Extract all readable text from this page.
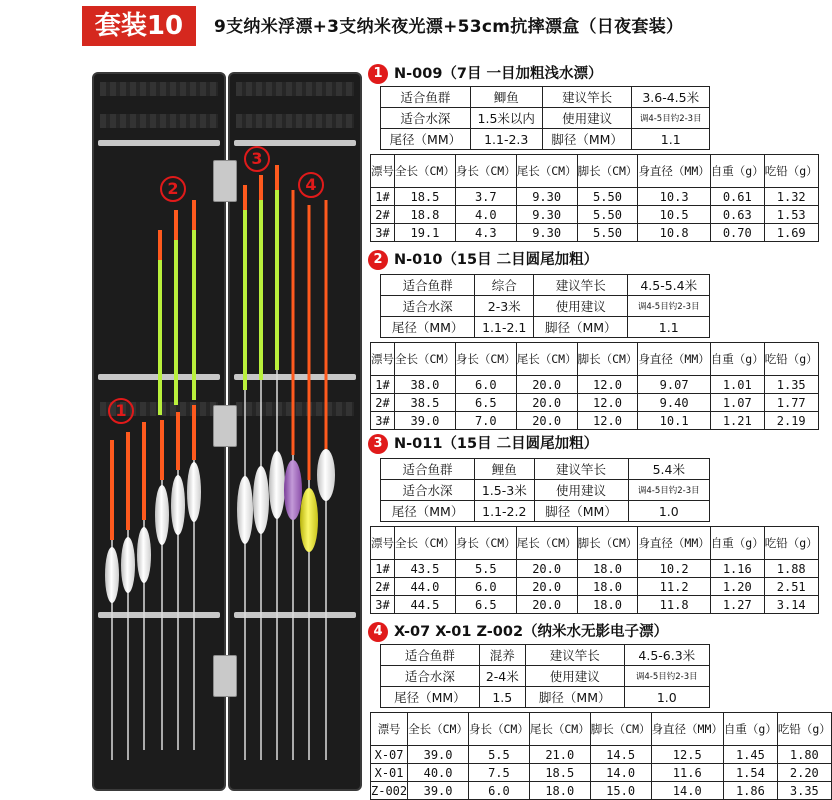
套装10	9支纳米浮漂+3支纳米夜光漂+53cm抗摔漂盒（日夜套装）
1
2
3
4
1 N-009（7目 一目加粗浅水漂）
适合鱼群	鲫鱼	建议竿长	3.6-4.5米
适合水深	1.5米以内	使用建议	调4-5目钓2-3目
尾径（MM）	1.1-2.3	脚径（MM）	1.1
漂号	全长（CM）	身长（CM）	尾长（CM）	脚长（CM）	身直径（MM）	自重（g）	吃铅（g）
1#	18.5	3.7	9.30	5.50	10.3	0.61	1.32
2#	18.8	4.0	9.30	5.50	10.5	0.63	1.53
3#	19.1	4.3	9.30	5.50	10.8	0.70	1.69
2 N-010（15目 二目圆尾加粗）
适合鱼群	综合	建议竿长	4.5-5.4米
适合水深	2-3米	使用建议	调4-5目钓2-3目
尾径（MM）	1.1-2.1	脚径（MM）	1.1
漂号	全长（CM）	身长（CM）	尾长（CM）	脚长（CM）	身直径（MM）	自重（g）	吃铅（g）
1#	38.0	6.0	20.0	12.0	9.07	1.01	1.35
2#	38.5	6.5	20.0	12.0	9.40	1.07	1.77
3#	39.0	7.0	20.0	12.0	10.1	1.21	2.19
3 N-011（15目 二目圆尾加粗）
适合鱼群	鲤鱼	建议竿长	5.4米
适合水深	1.5-3米	使用建议	调4-5目钓2-3目
尾径（MM）	1.1-2.2	脚径（MM）	1.0
漂号	全长（CM）	身长（CM）	尾长（CM）	脚长（CM）	身直径（MM）	自重（g）	吃铅（g）
1#	43.5	5.5	20.0	18.0	10.2	1.16	1.88
2#	44.0	6.0	20.0	18.0	11.2	1.20	2.51
3#	44.5	6.5	20.0	18.0	11.8	1.27	3.14
4 X-07 X-01 Z-002（纳米水无影电子漂）
适合鱼群	混养	建议竿长	4.5-6.3米
适合水深	2-4米	使用建议	调4-5目钓2-3目
尾径（MM）	1.5	脚径（MM）	1.0
漂号	全长（CM）	身长（CM）	尾长（CM）	脚长（CM）	身直径（MM）	自重（g）	吃铅（g）
X-07	39.0	5.5	21.0	14.5	12.5	1.45	1.80
X-01	40.0	7.5	18.5	14.0	11.6	1.54	2.20
Z-002	39.0	6.0	18.0	15.0	14.0	1.86	3.35
